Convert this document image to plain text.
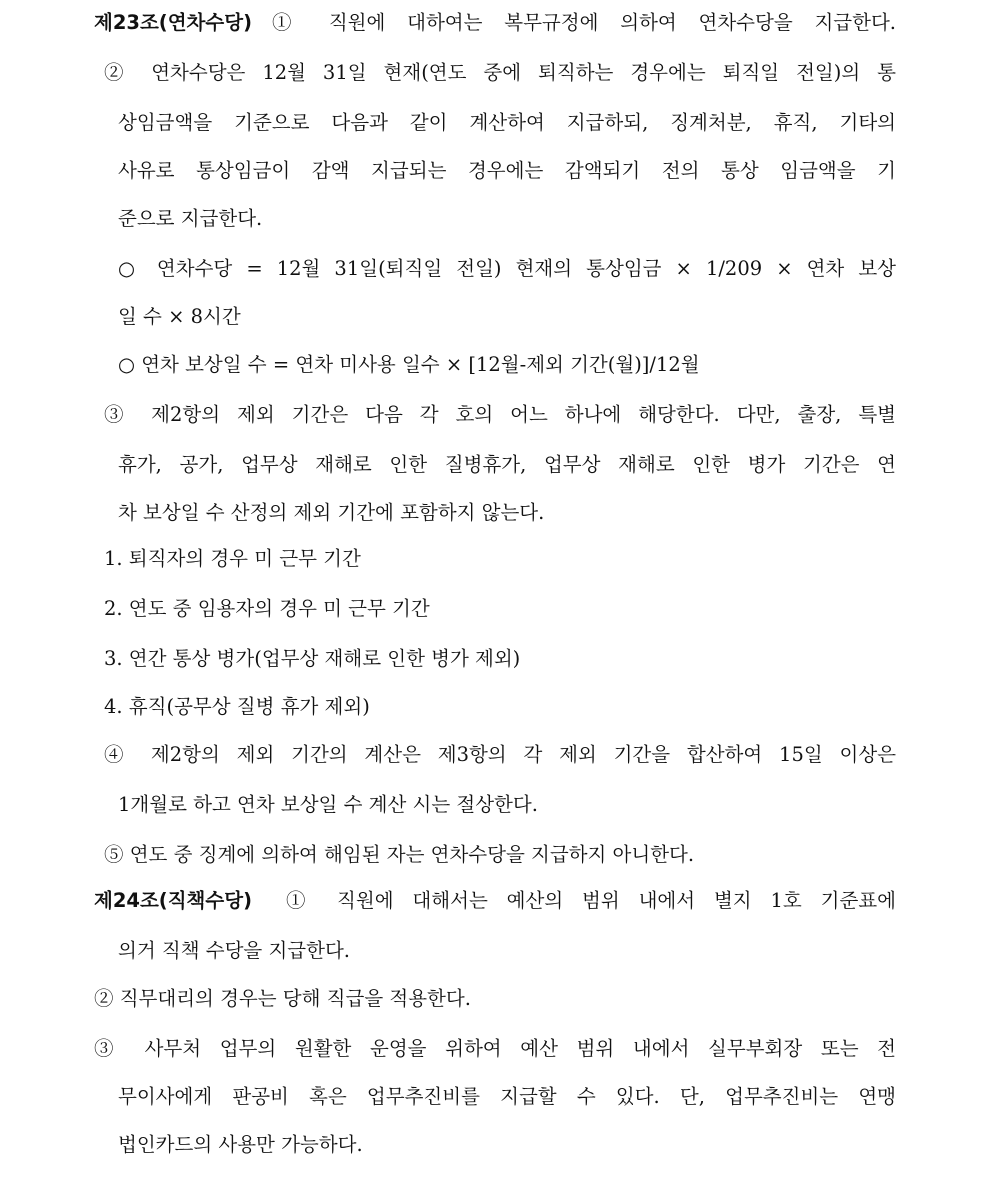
제23조(연차수당) ① 직원에 대하여는 복무규정에 의하여 연차수당을 지급한다.
② 연차수당은 12월 31일 현재(연도 중에 퇴직하는 경우에는 퇴직일 전일)의 통
상임금액을 기준으로 다음과 같이 계산하여 지급하되, 징계처분, 휴직, 기타의
사유로 통상임금이 감액 지급되는 경우에는 감액되기 전의 통상 임금액을 기
준으로 지급한다.
○ 연차수당 = 12월 31일(퇴직일 전일) 현재의 통상임금 × 1/209 × 연차 보상
일 수 × 8시간
○ 연차 보상일 수 = 연차 미사용 일수 × [12월-제외 기간(월)]/12월
③ 제2항의 제외 기간은 다음 각 호의 어느 하나에 해당한다. 다만, 출장, 특별
휴가, 공가, 업무상 재해로 인한 질병휴가, 업무상 재해로 인한 병가 기간은 연
차 보상일 수 산정의 제외 기간에 포함하지 않는다.
1. 퇴직자의 경우 미 근무 기간
2. 연도 중 임용자의 경우 미 근무 기간
3. 연간 통상 병가(업무상 재해로 인한 병가 제외)
4. 휴직(공무상 질병 휴가 제외)
④ 제2항의 제외 기간의 계산은 제3항의 각 제외 기간을 합산하여 15일 이상은
1개월로 하고 연차 보상일 수 계산 시는 절상한다.
⑤ 연도 중 징계에 의하여 해임된 자는 연차수당을 지급하지 아니한다.
제24조(직책수당) ① 직원에 대해서는 예산의 범위 내에서 별지 1호 기준표에
의거 직책 수당을 지급한다.
② 직무대리의 경우는 당해 직급을 적용한다.
③ 사무처 업무의 원활한 운영을 위하여 예산 범위 내에서 실무부회장 또는 전
무이사에게 판공비 혹은 업무추진비를 지급할 수 있다. 단, 업무추진비는 연맹
법인카드의 사용만 가능하다.
